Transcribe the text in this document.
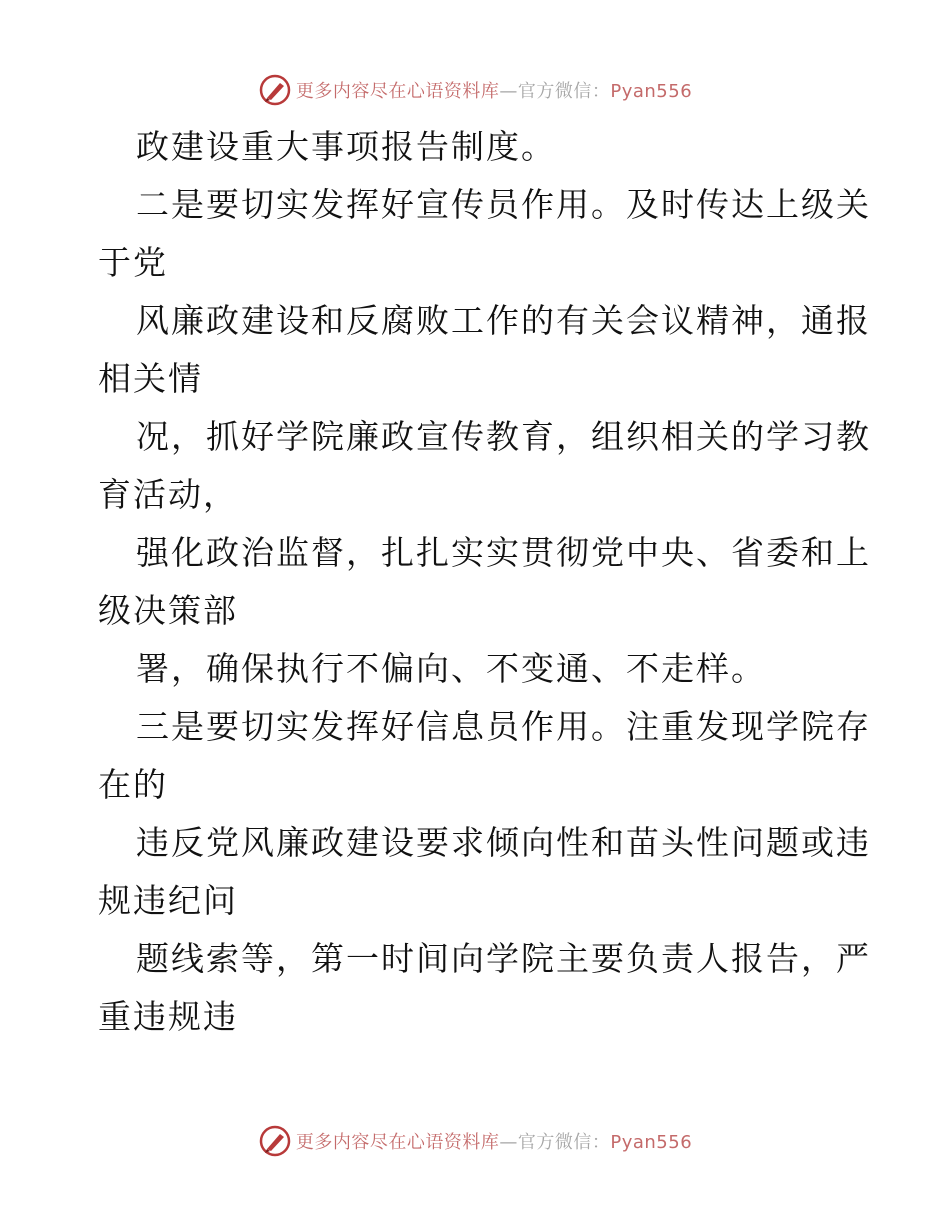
更多内容尽在心语资料库—官方微信：Pyan556
政建设重大事项报告制度。
二是要切实发挥好宣传员作用。及时传达上级关
于党
风廉政建设和反腐败工作的有关会议精神，通报
相关情
况，抓好学院廉政宣传教育，组织相关的学习教
育活动，
强化政治监督，扎扎实实贯彻党中央、省委和上
级决策部
署，确保执行不偏向、不变通、不走样。
三是要切实发挥好信息员作用。注重发现学院存
在的
违反党风廉政建设要求倾向性和苗头性问题或违
规违纪问
题线索等，第一时间向学院主要负责人报告，严
重违规违
更多内容尽在心语资料库—官方微信：Pyan556
